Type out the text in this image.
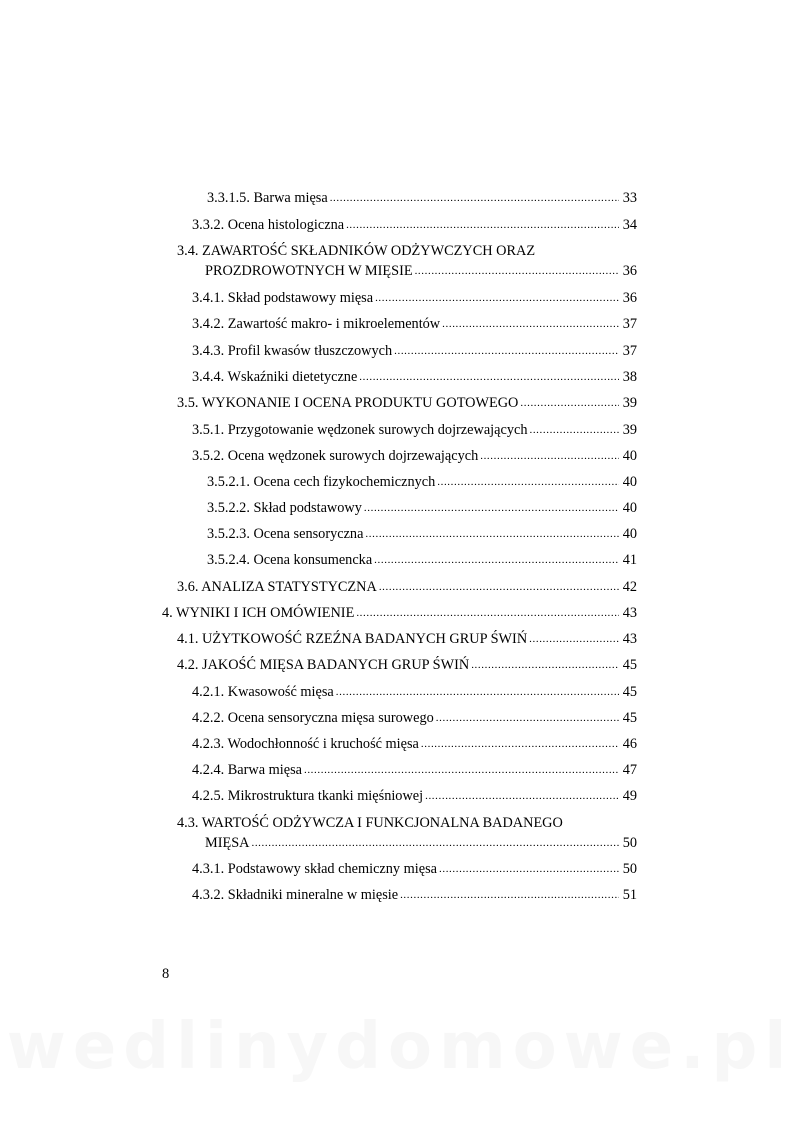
3.3.1.5. Barwa mięsa .....	33
3.3.2. Ocena histologiczna .....	34
3.4. ZAWARTOŚĆ SKŁADNIKÓW ODŻYWCZYCH ORAZ
PROZDROWOTNYCH W MIĘSIE .....	36
3.4.1. Skład podstawowy mięsa .....	36
3.4.2. Zawartość makro- i mikroelementów .....	37
3.4.3. Profil kwasów tłuszczowych .....	37
3.4.4. Wskaźniki dietetyczne .....	38
3.5. WYKONANIE I OCENA PRODUKTU GOTOWEGO .....	39
3.5.1. Przygotowanie wędzonek surowych dojrzewających .....	39
3.5.2. Ocena wędzonek surowych dojrzewających .....	40
3.5.2.1. Ocena cech fizykochemicznych .....	40
3.5.2.2. Skład podstawowy .....	40
3.5.2.3. Ocena sensoryczna .....	40
3.5.2.4. Ocena konsumencka .....	41
3.6. ANALIZA STATYSTYCZNA .....	42
4. WYNIKI I ICH OMÓWIENIE .....	43
4.1. UŻYTKOWOŚĆ RZEŹNA BADANYCH GRUP ŚWIŃ .....	43
4.2. JAKOŚĆ MIĘSA BADANYCH GRUP ŚWIŃ .....	45
4.2.1. Kwasowość mięsa .....	45
4.2.2. Ocena sensoryczna mięsa surowego .....	45
4.2.3. Wodochłonność i kruchość mięsa .....	46
4.2.4. Barwa mięsa .....	47
4.2.5. Mikrostruktura tkanki mięśniowej .....	49
4.3. WARTOŚĆ ODŻYWCZA I FUNKCJONALNA BADANEGO
MIĘSA .....	50
4.3.1. Podstawowy skład chemiczny mięsa .....	50
4.3.2. Składniki mineralne w mięsie .....	51
8
wedlinydomowe.pl
